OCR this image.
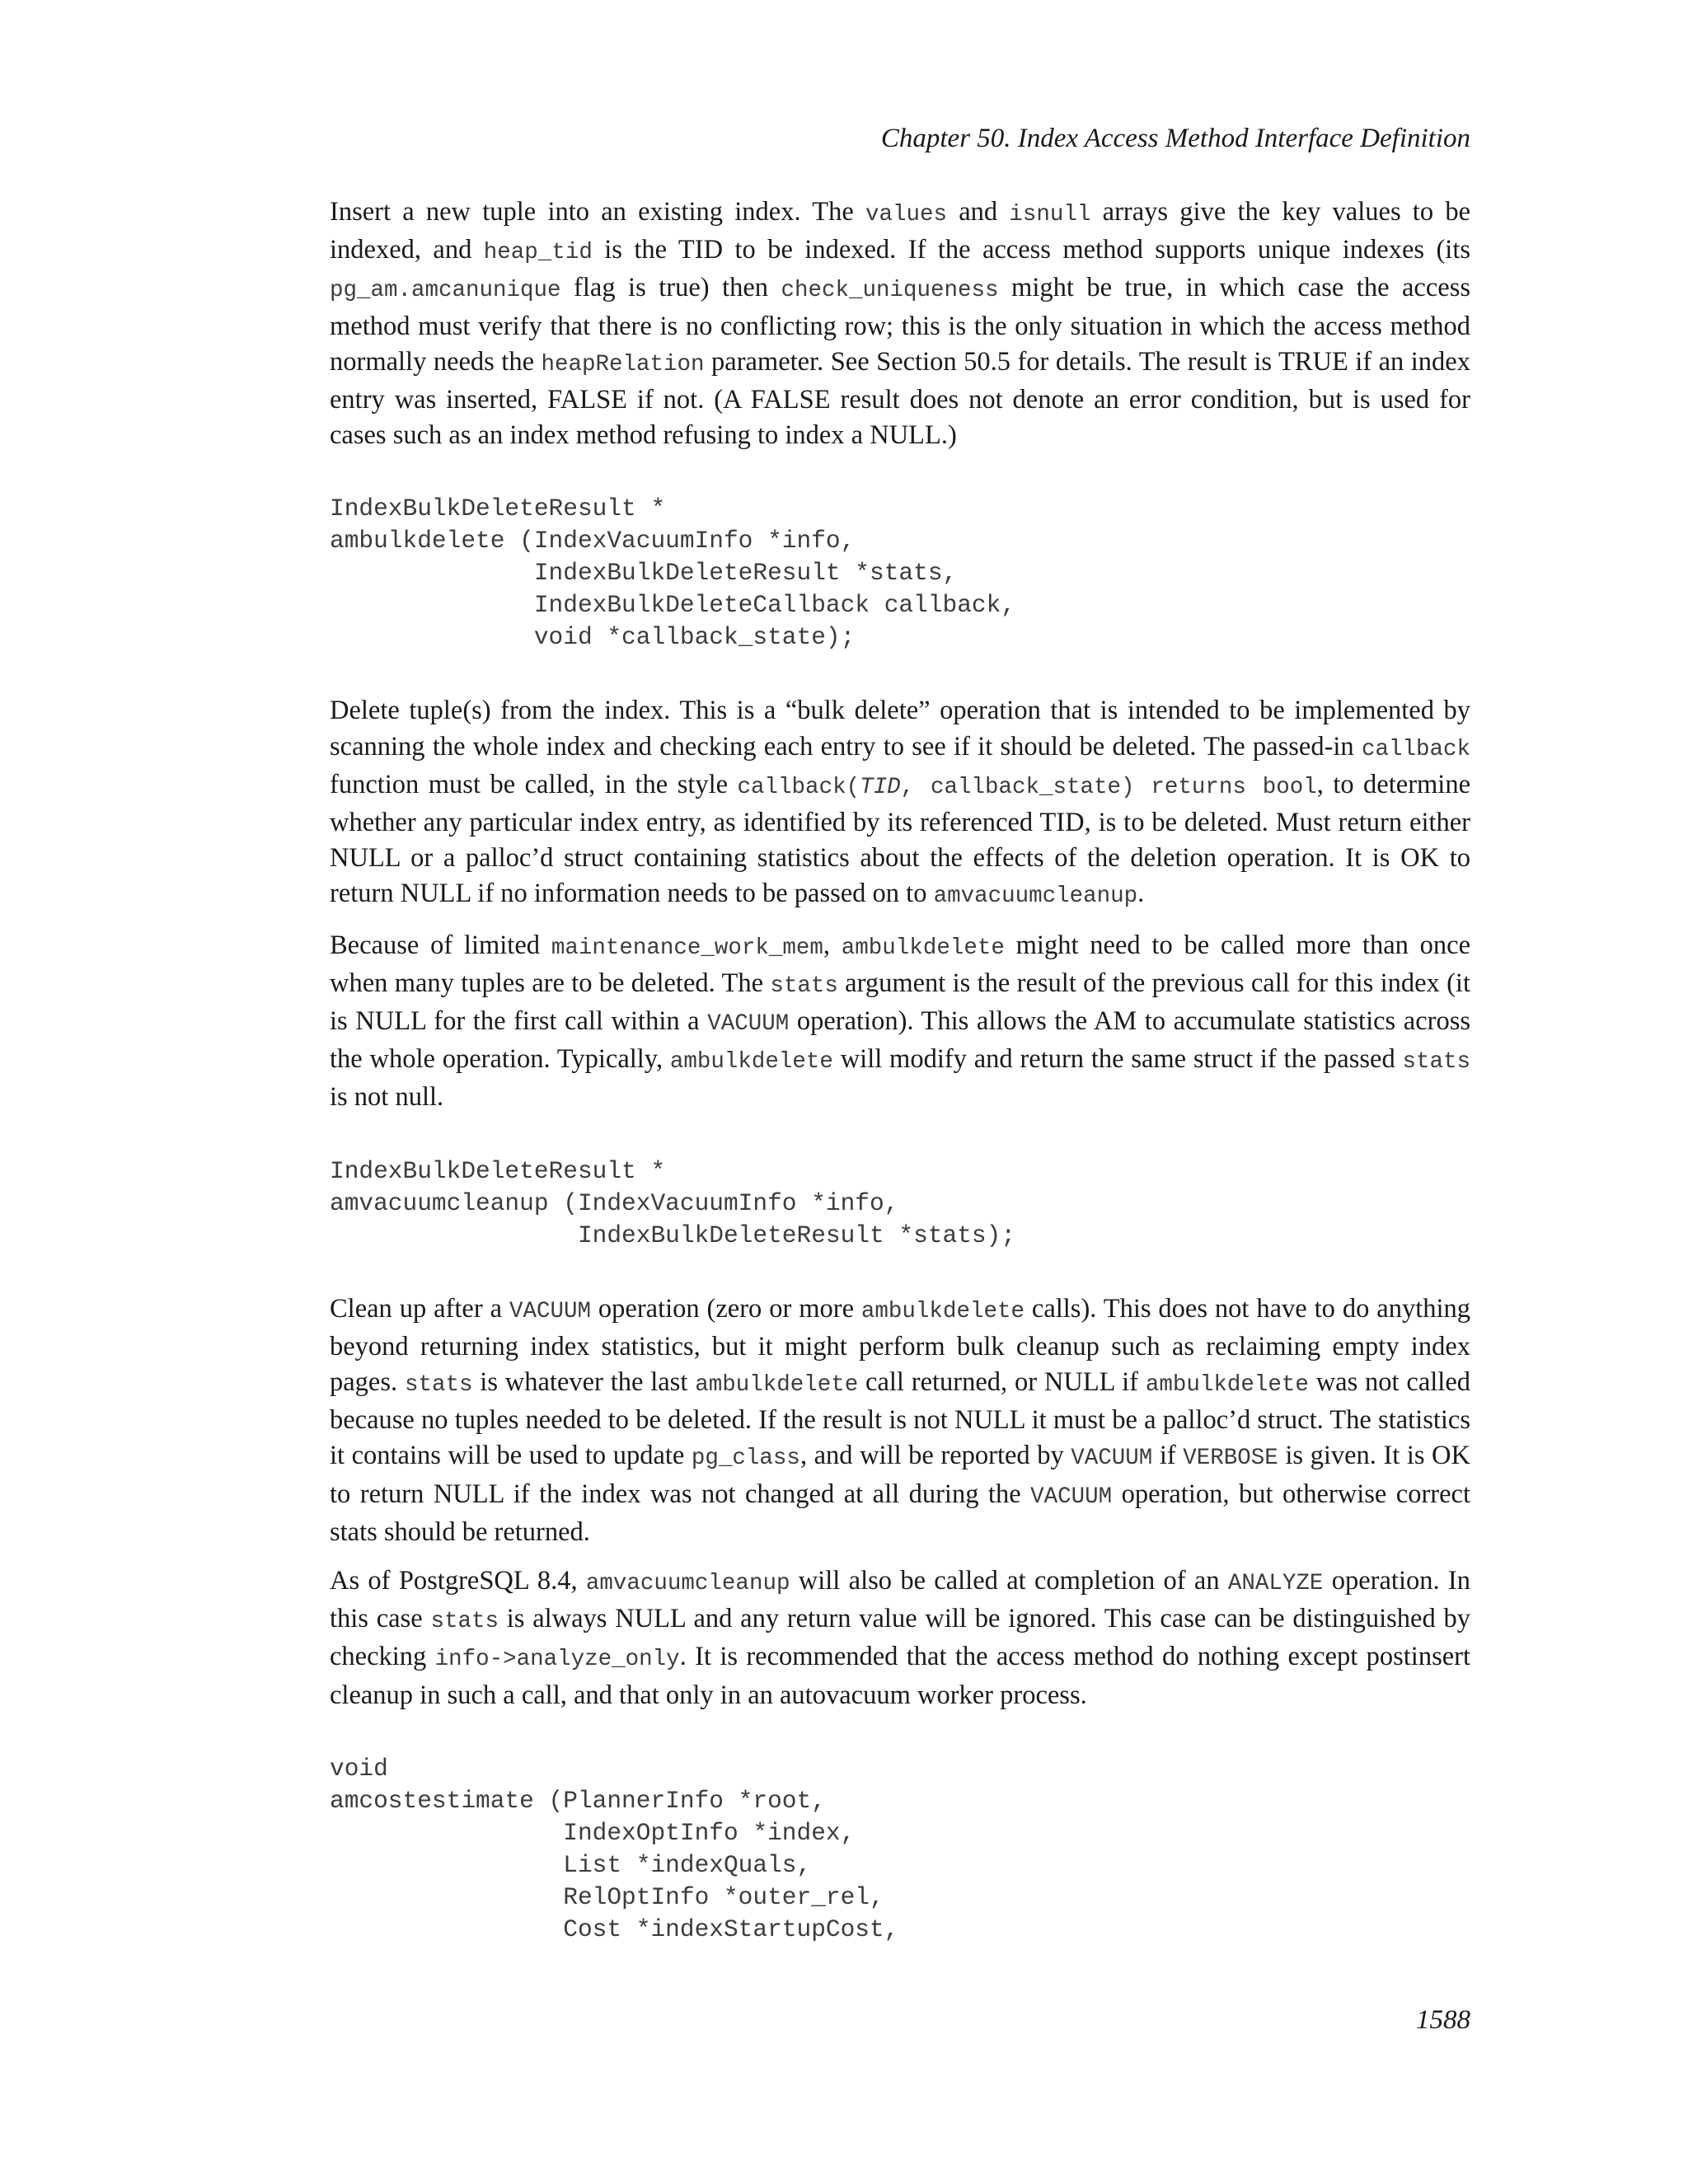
Chapter 50. Index Access Method Interface Definition

Insert a new tuple into an existing index. The values and isnull arrays give the key values to be indexed, and heap_tid is the TID to be indexed. If the access method supports unique indexes (its pg_am.amcanunique flag is true) then check_uniqueness might be true, in which case the access method must verify that there is no conflicting row; this is the only situation in which the access method normally needs the heapRelation parameter. See Section 50.5 for details. The result is TRUE if an index entry was inserted, FALSE if not. (A FALSE result does not denote an error condition, but is used for cases such as an index method refusing to index a NULL.)

IndexBulkDeleteResult *
ambulkdelete (IndexVacuumInfo *info,
IndexBulkDeleteResult *stats,
IndexBulkDeleteCallback callback,
void *callback_state);

Delete tuple(s) from the index. This is a “bulk delete” operation that is intended to be implemented by scanning the whole index and checking each entry to see if it should be deleted. The passed-in callback function must be called, in the style callback(TID, callback_state) returns bool, to determine whether any particular index entry, as identified by its referenced TID, is to be deleted. Must return either NULL or a palloc’d struct containing statistics about the effects of the deletion operation. It is OK to return NULL if no information needs to be passed on to amvacuumcleanup.

Because of limited maintenance_work_mem, ambulkdelete might need to be called more than once when many tuples are to be deleted. The stats argument is the result of the previous call for this index (it is NULL for the first call within a VACUUM operation). This allows the AM to accumulate statistics across the whole operation. Typically, ambulkdelete will modify and return the same struct if the passed stats is not null.

IndexBulkDeleteResult *
amvacuumcleanup (IndexVacuumInfo *info,
IndexBulkDeleteResult *stats);

Clean up after a VACUUM operation (zero or more ambulkdelete calls). This does not have to do anything beyond returning index statistics, but it might perform bulk cleanup such as reclaiming empty index pages. stats is whatever the last ambulkdelete call returned, or NULL if ambulkdelete was not called because no tuples needed to be deleted. If the result is not NULL it must be a palloc’d struct. The statistics it contains will be used to update pg_class, and will be reported by VACUUM if VERBOSE is given. It is OK to return NULL if the index was not changed at all during the VACUUM operation, but otherwise correct stats should be returned.

As of PostgreSQL 8.4, amvacuumcleanup will also be called at completion of an ANALYZE operation. In this case stats is always NULL and any return value will be ignored. This case can be distinguished by checking info->analyze_only. It is recommended that the access method do nothing except postinsert cleanup in such a call, and that only in an autovacuum worker process.

void
amcostestimate (PlannerInfo *root,
IndexOptInfo *index,
List *indexQuals,
RelOptInfo *outer_rel,
Cost *indexStartupCost,
1588
